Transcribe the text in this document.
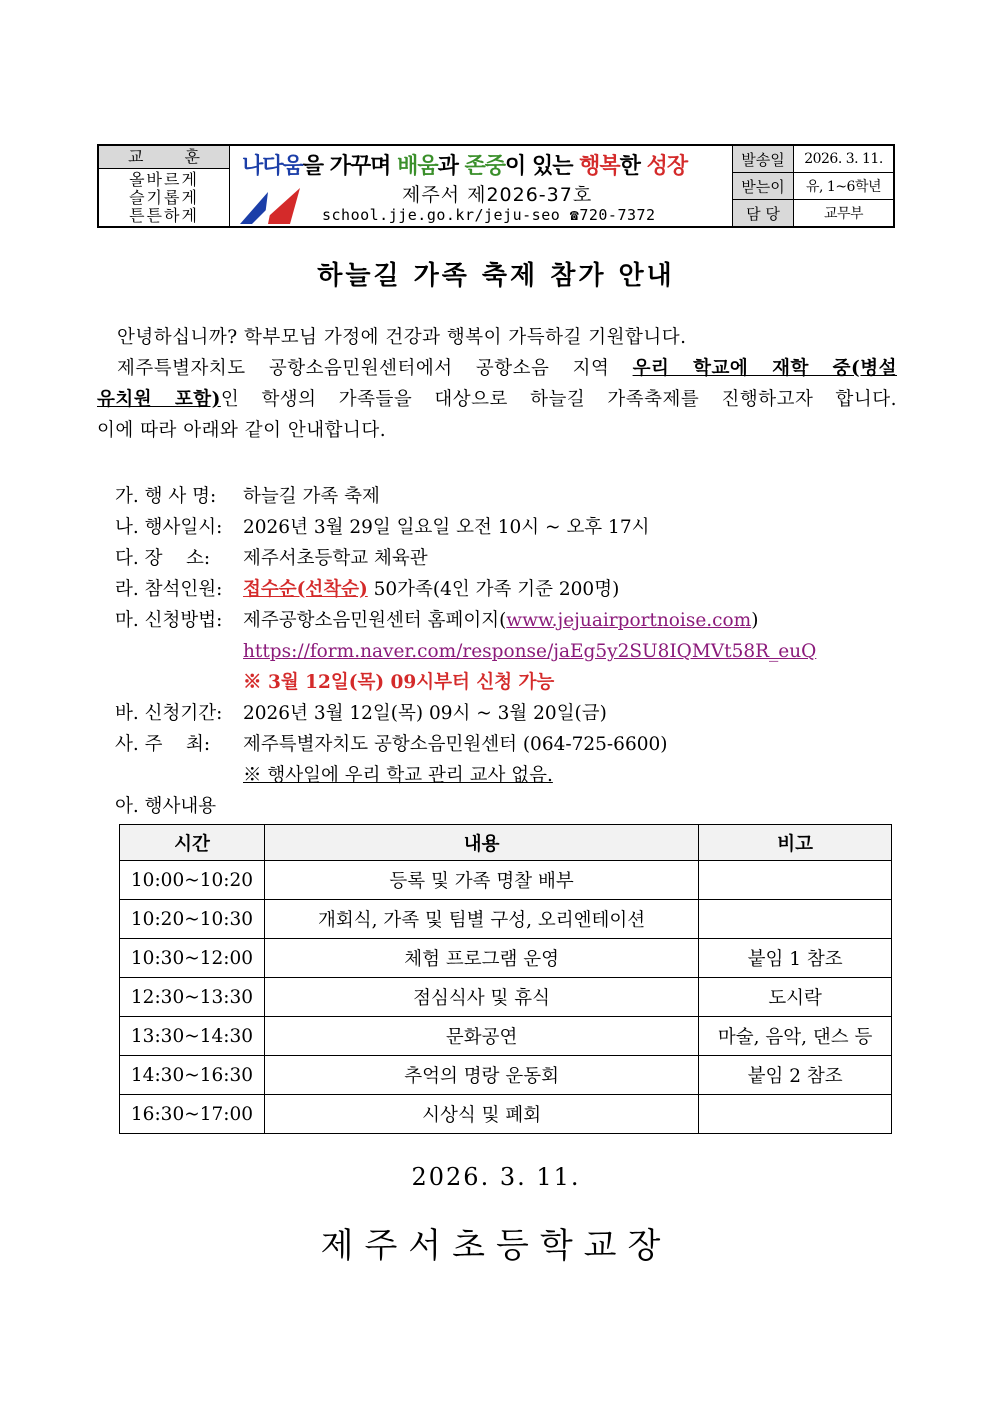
교 훈
올바르게
슬기롭게
튼튼하게
나다움을 가꾸며 배움과 존중이 있는 행복한 성장
제주서 제2026-37호
school.jje.go.kr/jeju-seo ☎720-7372
발송일	2026. 3. 11.
받는이	유, 1~6학년
담 당	교무부
하늘길 가족 축제 참가 안내
안녕하십니까? 학부모님 가정에 건강과 행복이 가득하길 기원합니다.
제주특별자치도 공항소음민원센터에서 공항소음 지역 우리 학교에 재학 중(병설
유치원 포함)인 학생의 가족들을 대상으로 하늘길 가족축제를 진행하고자 합니다.
이에 따라 아래와 같이 안내합니다.
가. 행 사 명:	하늘길 가족 축제
나. 행사일시:	2026년 3월 29일 일요일 오전 10시 ~ 오후 17시
다. 장    소:	제주서초등학교 체육관
라. 참석인원:	접수순(선착순) 50가족(4인 가족 기준 200명)
마. 신청방법:	제주공항소음민원센터 홈페이지( www.jejuairportnoise.com )
https://form.naver.com/response/jaEg5y2SU8IQMVt58R_euQ
※ 3월 12일(목) 09시부터 신청 가능
바. 신청기간:	2026년 3월 12일(목) 09시 ~ 3월 20일(금)
사. 주    최:	제주특별자치도 공항소음민원센터 (064-725-6600)
※ 행사일에 우리 학교 관리 교사 없음.
아. 행사내용
시간	내용	비고
10:00~10:20	등록 및 가족 명찰 배부	
10:20~10:30	개회식, 가족 및 팀별 구성, 오리엔테이션	
10:30~12:00	체험 프로그램 운영	붙임 1 참조
12:30~13:30	점심식사 및 휴식	도시락
13:30~14:30	문화공연	마술, 음악, 댄스 등
14:30~16:30	추억의 명랑 운동회	붙임 2 참조
16:30~17:00	시상식 및 폐회	
2026. 3. 11.
제주서초등학교장
